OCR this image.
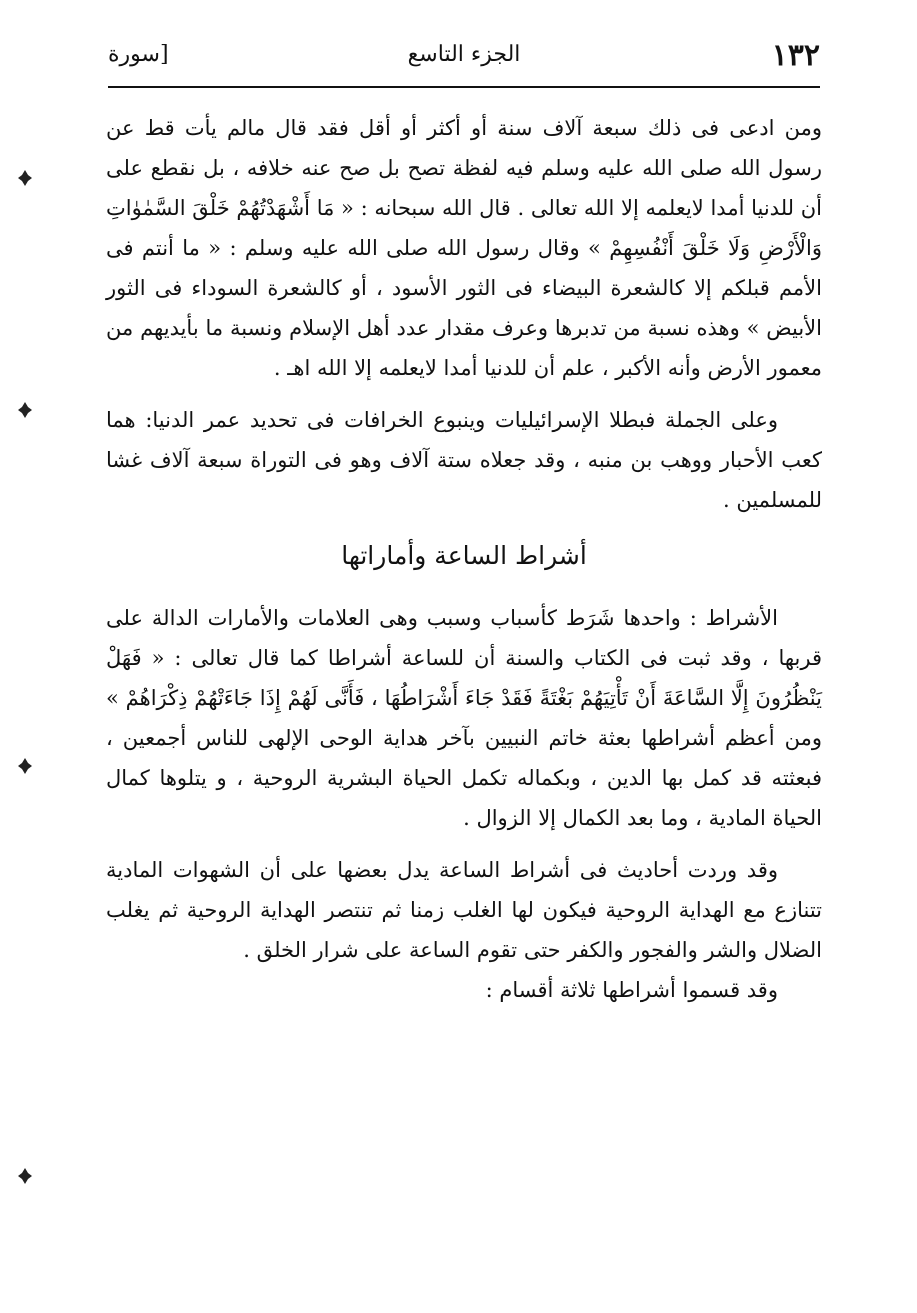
١٣٢
الجزء التاسع
[سورة

ومن ادعى فى ذلك سبعة آلاف سنة أو أكثر أو أقل فقد قال مالم يأت قط عن رسول الله صلى الله عليه وسلم فيه لفظة تصح بل صح عنه خلافه ، بل نقطع على أن للدنيا أمدا لايعلمه إلا الله تعالى . قال الله سبحانه : « مَا أَشْهَدْتُهُمْ خَلْقَ السَّمٰوٰاتِ وَالْأَرْضِ وَلَا خَلْقَ أَنْفُسِهِمْ » وقال رسول الله صلى الله عليه وسلم : « ما أنتم فى الأمم قبلكم إلا كالشعرة البيضاء فى الثور الأسود ، أو كالشعرة السوداء فى الثور الأبيض » وهذه نسبة من تدبرها وعرف مقدار عدد أهل الإسلام ونسبة ما بأيديهم من معمور الأرض وأنه الأكبر ، علم أن للدنيا أمدا لايعلمه إلا الله اهـ .

وعلى الجملة فبطلا الإسرائيليات وينبوع الخرافات فى تحديد عمر الدنيا: هما كعب الأحبار ووهب بن منبه ، وقد جعلاه ستة آلاف وهو فى التوراة سبعة آلاف غشا للمسلمين .

أشراط الساعة وأماراتها

الأشراط : واحدها شَرَط كأسباب وسبب وهى العلامات والأمارات الدالة على قربها ، وقد ثبت فى الكتاب والسنة أن للساعة أشراطا كما قال تعالى : « فَهَلْ يَنْظُرُونَ إِلَّا السَّاعَةَ أَنْ تَأْتِيَهُمْ بَغْتَةً فَقَدْ جَاءَ أَشْرَاطُهَا ، فَأَنَّى لَهُمْ إِذَا جَاءَتْهُمْ ذِكْرَاهُمْ » ومن أعظم أشراطها بعثة خاتم النبيين بآخر هداية الوحى الإلهى للناس أجمعين ، فبعثته قد كمل بها الدين ، وبكماله تكمل الحياة البشرية الروحية ، و يتلوها كمال الحياة المادية ، وما بعد الكمال إلا الزوال .

وقد وردت أحاديث فى أشراط الساعة يدل بعضها على أن الشهوات المادية تتنازع مع الهداية الروحية فيكون لها الغلب زمنا ثم تنتصر الهداية الروحية ثم يغلب الضلال والشر والفجور والكفر حتى تقوم الساعة على شرار الخلق .

وقد قسموا أشراطها ثلاثة أقسام :
